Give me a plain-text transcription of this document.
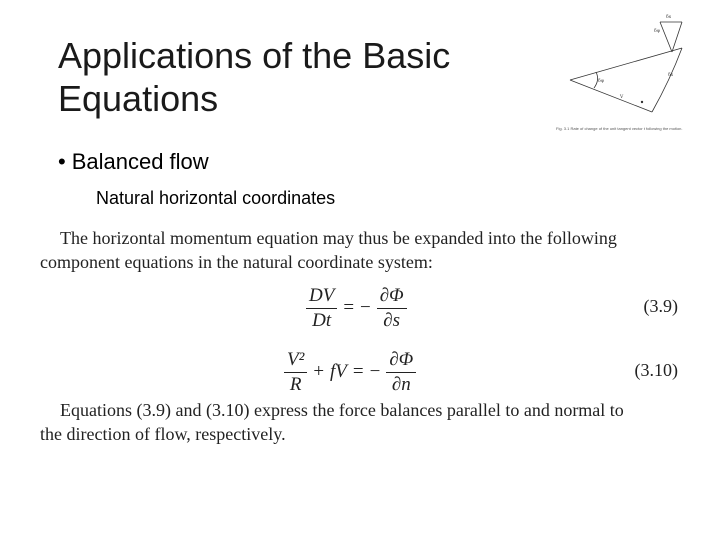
Applications of the Basic
Equations
• Balanced flow
Natural horizontal coordinates
The horizontal momentum equation may thus be expanded into the following
component equations in the natural coordinate system:
$\frac{DV}{Dt}$ = − $\frac{\partial\Phi}{\partial s}$	(3.9)
$\frac{\text{V²}}{R}$ + fV = − $\frac{\partial\Phi}{\partial n}$	(3.10)
Equations (3.9) and (3.10) express the force balances parallel to and normal to
the direction of flow, respectively.
δs
δψ
δψ
δs
V
Fig. 3.1 Rate of change of the unit tangent vector t following the motion.
